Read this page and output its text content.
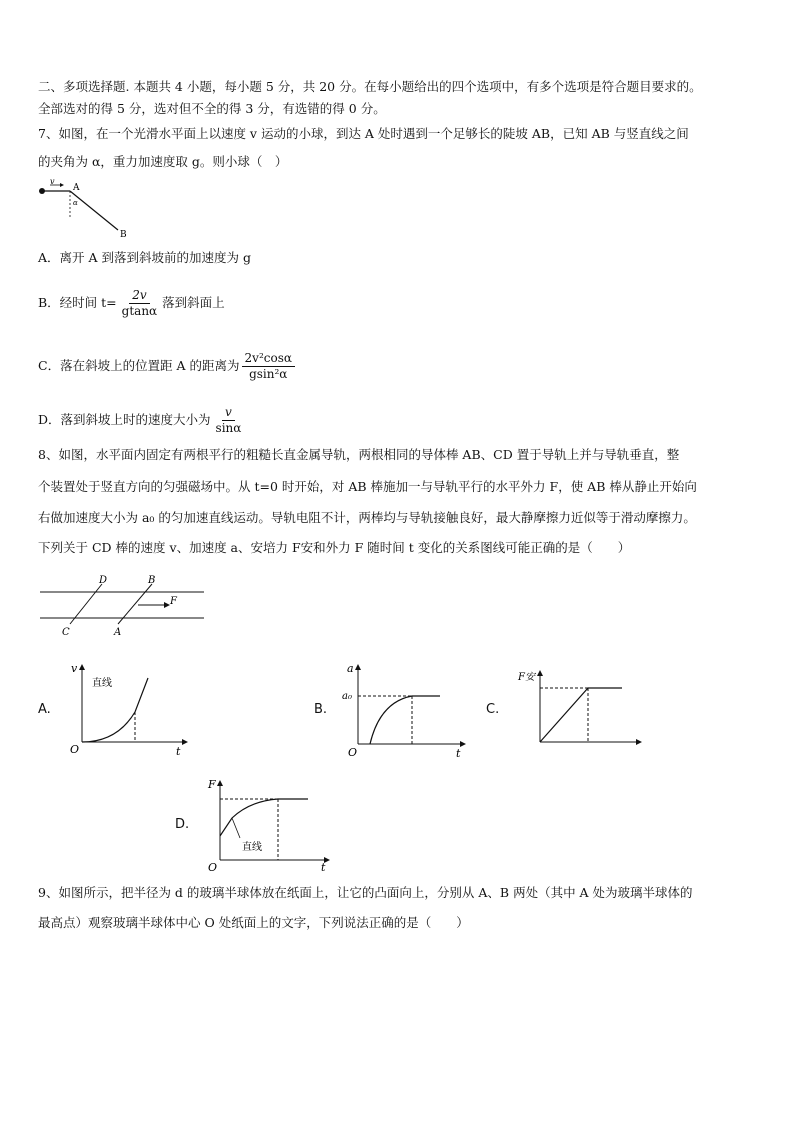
二、多项选择题. 本题共 4 小题，每小题 5 分，共 20 分。在每小题给出的四个选项中，有多个选项是符合题目要求的。
全部选对的得 5 分，选对但不全的得 3 分，有选错的得 0 分。
7、如图，在一个光滑水平面上以速度 v 运动的小球，到达 A 处时遇到一个足够长的陡坡 AB，已知 AB 与竖直线之间
的夹角为 α，重力加速度取 g。则小球（　）
v
A
α
B
A．离开 A 到落到斜坡前的加速度为 g
B．经时间 $t= \frac{2v}{gtan\alpha}$ 落到斜面上
C．落在斜坡上的位置距 A 的距离为 $\frac{\text{2v²cosα}}{\text{gsin²α}}$
D．落到斜坡上时的速度大小为 $\frac{v}{\sin\alpha}$
8、如图，水平面内固定有两根平行的粗糙长直金属导轨，两根相同的导体棒 AB、CD 置于导轨上并与导轨垂直，整
个装置处于竖直方向的匀强磁场中。从 t=0 时开始，对 AB 棒施加一与导轨平行的水平外力 F，使 AB 棒从静止开始向
右做加速度大小为 a₀ 的匀加速直线运动。导轨电阻不计，两棒均与导轨接触良好，最大静摩擦力近似等于滑动摩擦力。
下列关于 CD 棒的速度 v、加速度 a、安培力 F安和外力 F 随时间 t 变化的关系图线可能正确的是（　　）
D	B
F
C	A
A.
v
O	t
直线
B.
a
a₀
O	t
C.
F安
D.
F
O	t
直线
9、如图所示，把半径为 d 的玻璃半球体放在纸面上，让它的凸面向上，分别从 A、B 两处（其中 A 处为玻璃半球体的
最高点）观察玻璃半球体中心 O 处纸面上的文字，下列说法正确的是（　　）
